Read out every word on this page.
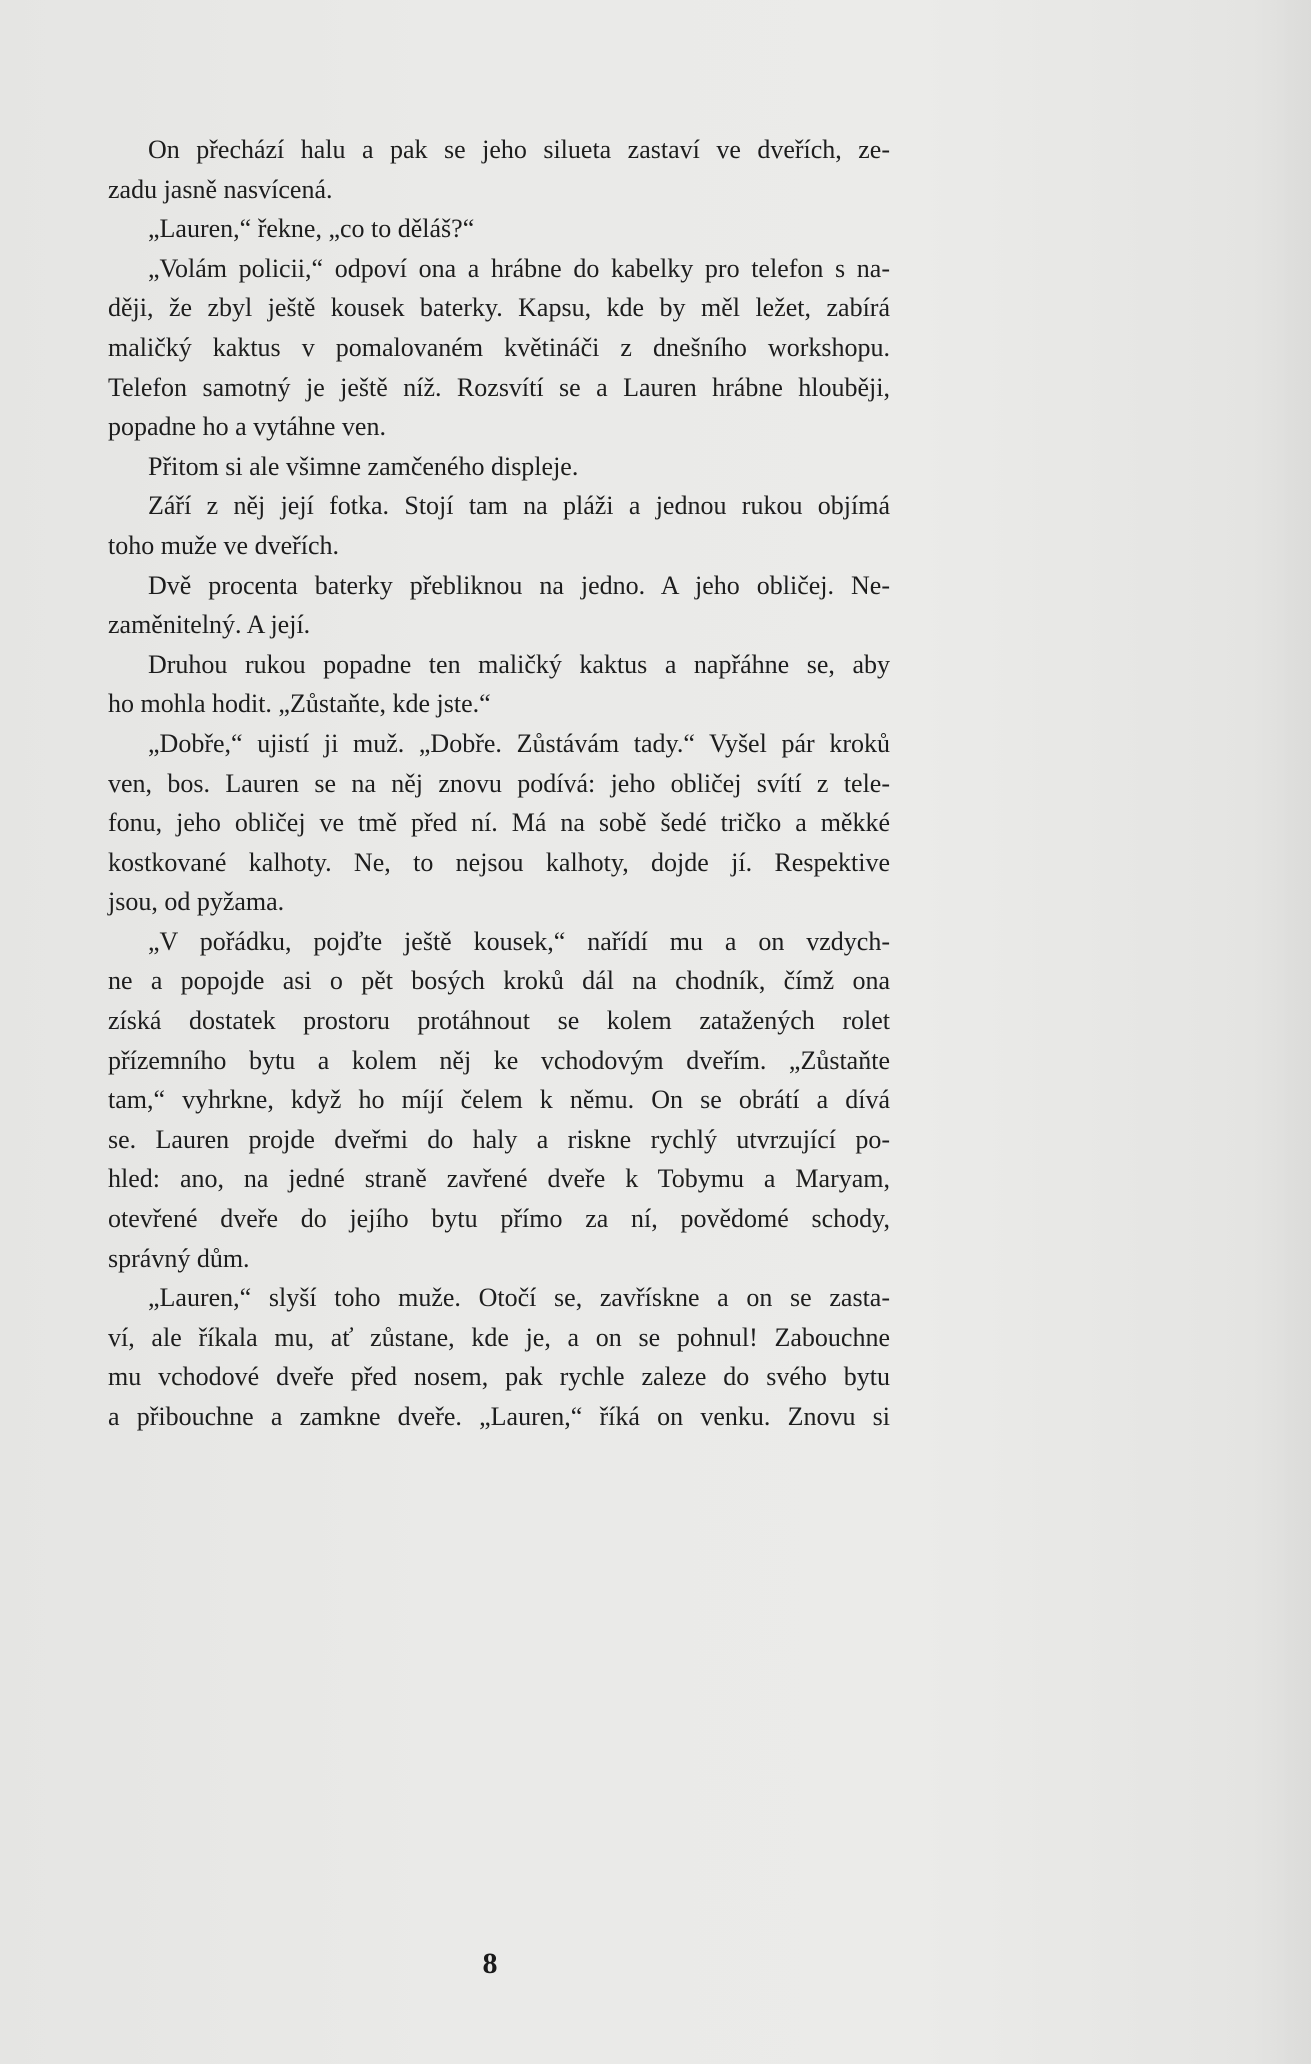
On přechází halu a pak se jeho silueta zastaví ve dveřích, ze-
zadu jasně nasvícená.
„Lauren,“ řekne, „co to děláš?“
„Volám policii,“ odpoví ona a hrábne do kabelky pro telefon s na-
ději, že zbyl ještě kousek baterky. Kapsu, kde by měl ležet, zabírá
maličký kaktus v pomalovaném květináči z dnešního workshopu.
Telefon samotný je ještě níž. Rozsvítí se a Lauren hrábne hlouběji,
popadne ho a vytáhne ven.
Přitom si ale všimne zamčeného displeje.
Září z něj její fotka. Stojí tam na pláži a jednou rukou objímá
toho muže ve dveřích.
Dvě procenta baterky přebliknou na jedno. A jeho obličej. Ne-
zaměnitelný. A její.
Druhou rukou popadne ten maličký kaktus a napřáhne se, aby
ho mohla hodit. „Zůstaňte, kde jste.“
„Dobře,“ ujistí ji muž. „Dobře. Zůstávám tady.“ Vyšel pár kroků
ven, bos. Lauren se na něj znovu podívá: jeho obličej svítí z tele-
fonu, jeho obličej ve tmě před ní. Má na sobě šedé tričko a měkké
kostkované kalhoty. Ne, to nejsou kalhoty, dojde jí. Respektive
jsou, od pyžama.
„V pořádku, pojďte ještě kousek,“ nařídí mu a on vzdych-
ne a popojde asi o pět bosých kroků dál na chodník, čímž ona
získá dostatek prostoru protáhnout se kolem zatažených rolet
přízemního bytu a kolem něj ke vchodovým dveřím. „Zůstaňte
tam,“ vyhrkne, když ho míjí čelem k němu. On se obrátí a dívá
se. Lauren projde dveřmi do haly a riskne rychlý utvrzující po-
hled: ano, na jedné straně zavřené dveře k Tobymu a Maryam,
otevřené dveře do jejího bytu přímo za ní, povědomé schody,
správný dům.
„Lauren,“ slyší toho muže. Otočí se, zavřískne a on se zasta-
ví, ale říkala mu, ať zůstane, kde je, a on se pohnul! Zabouchne
mu vchodové dveře před nosem, pak rychle zaleze do svého bytu
a přibouchne a zamkne dveře. „Lauren,“ říká on venku. Znovu si
8
